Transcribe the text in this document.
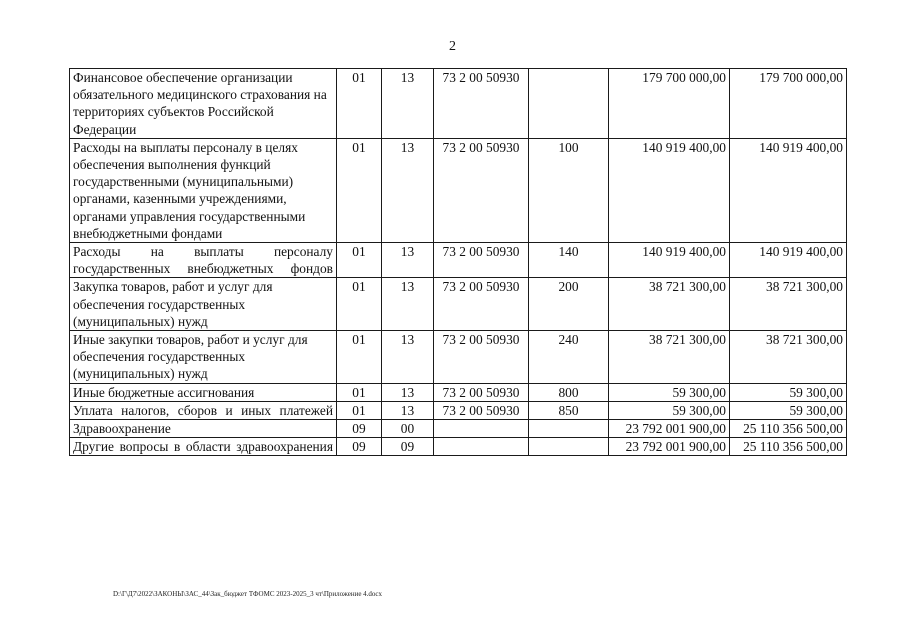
2
Финансовое обеспечение организации обязательного медицинского страхования на территориях субъектов Российской Федерации	01	13	73 2 00 50930		179 700 000,00	179 700 000,00
Расходы на выплаты персоналу в целях обеспечения выполнения функций государственными (муниципальными) органами, казенными учреждениями, органами управления государственными внебюджетными фондами	01	13	73 2 00 50930	100	140 919 400,00	140 919 400,00
Расходы на выплаты персоналу государственных внебюджетных фондов	01	13	73 2 00 50930	140	140 919 400,00	140 919 400,00
Закупка товаров, работ и услуг для обеспечения государственных (муниципальных) нужд	01	13	73 2 00 50930	200	38 721 300,00	38 721 300,00
Иные закупки товаров, работ и услуг для обеспечения государственных (муниципальных) нужд	01	13	73 2 00 50930	240	38 721 300,00	38 721 300,00
Иные бюджетные ассигнования	01	13	73 2 00 50930	800	59 300,00	59 300,00
Уплата налогов, сборов и иных платежей	01	13	73 2 00 50930	850	59 300,00	59 300,00
Здравоохранение	09	00			23 792 001 900,00	25 110 356 500,00
Другие вопросы в области здравоохранения	09	09			23 792 001 900,00	25 110 356 500,00
D:\Г\Д7\2022\ЗАКОНЫ\ЗАС_44\Зак_бюджет ТФОМС 2023-2025_3 чт\Приложение 4.docx
